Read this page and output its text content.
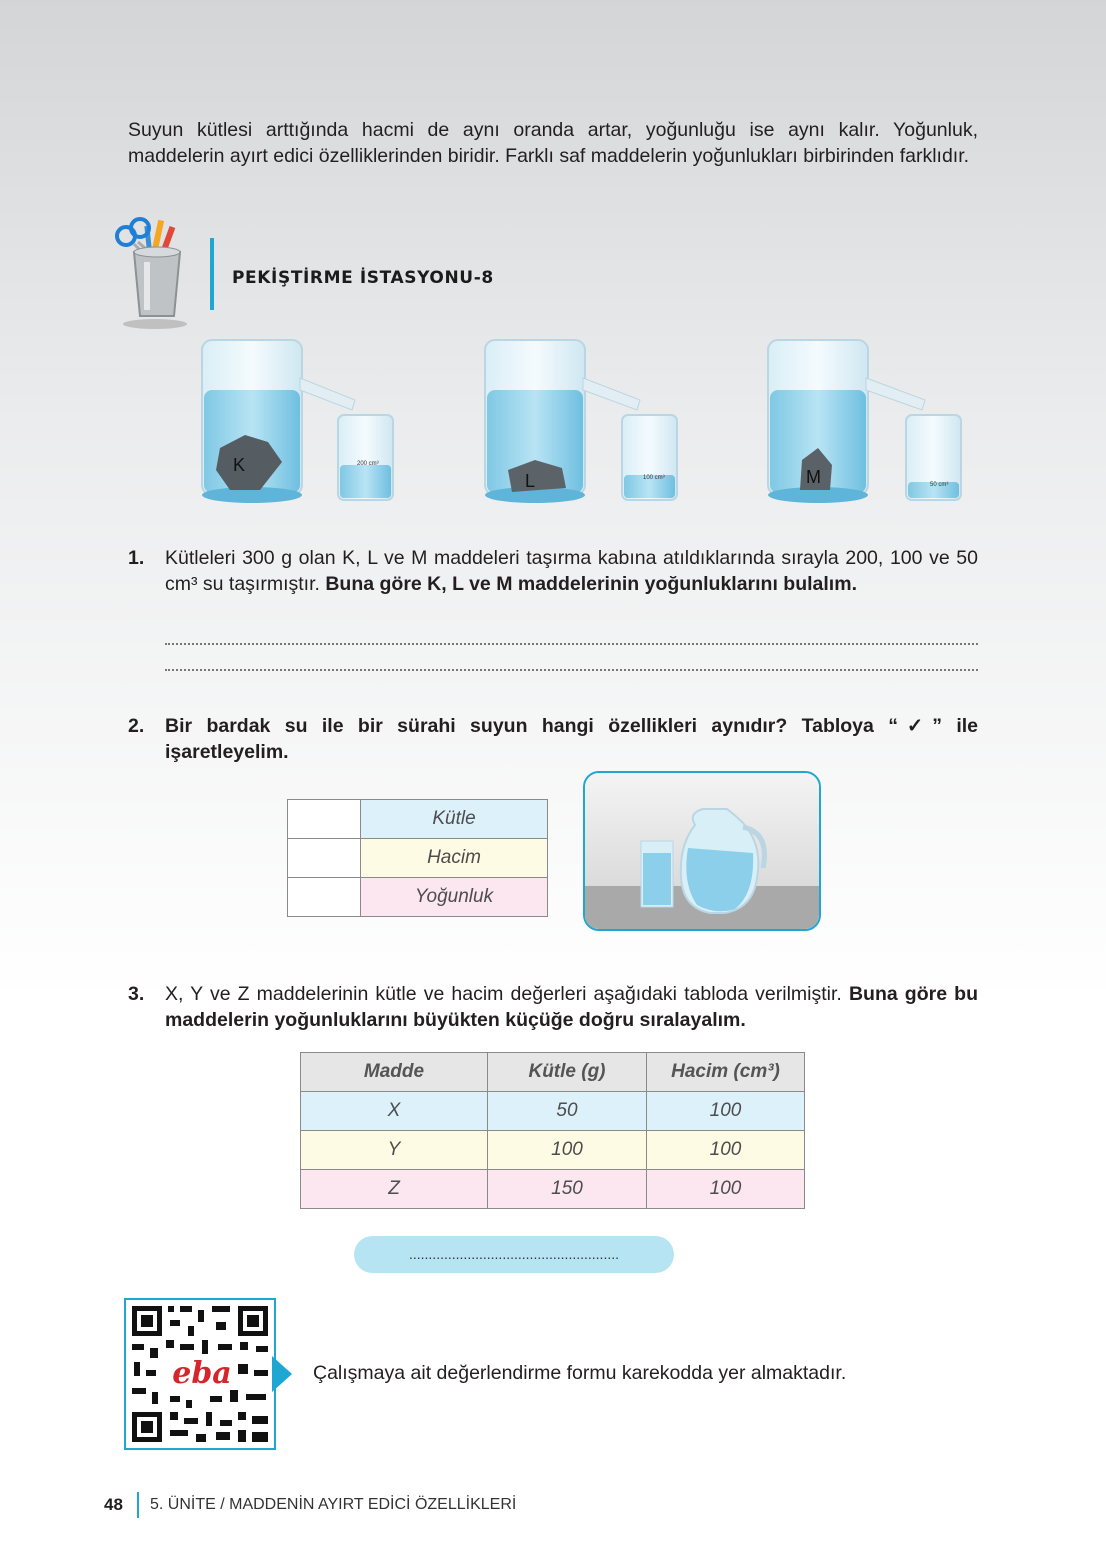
Suyun kütlesi arttığında hacmi de aynı oranda artar, yoğunluğu ise aynı kalır. Yoğunluk, maddelerin ayırt edici özelliklerinden biridir. Farklı saf maddelerin yoğunlukları birbirinden farklıdır.
PEKİŞTİRME İSTASYONU-8
K	200 cm³
L	100 cm³	M	50 cm³
1. Kütleleri 300 g olan K, L ve M maddeleri taşırma kabına atıldıklarında sırayla 200, 100 ve 50 cm³ su taşırmıştır. Buna göre K, L ve M maddelerinin yoğunluklarını bulalım.
2. Bir bardak su ile bir sürahi suyun hangi özellikleri aynıdır? Tabloya “✓” ile işaretleyelim.
	Kütle
	Hacim
	Yoğunluk
3. X, Y ve Z maddelerinin kütle ve hacim değerleri aşağıdaki tabloda verilmiştir. Buna göre bu maddelerin yoğunluklarını büyükten küçüğe doğru sıralayalım.
Madde	Kütle (g)	Hacim (cm³)
X	50	100
Y	100	100
Z	150	100
......................................................
eba	Çalışmaya ait değerlendirme formu karekodda yer almaktadır.
48 5. ÜNİTE / MADDENİN AYIRT EDİCİ ÖZELLİKLERİ
